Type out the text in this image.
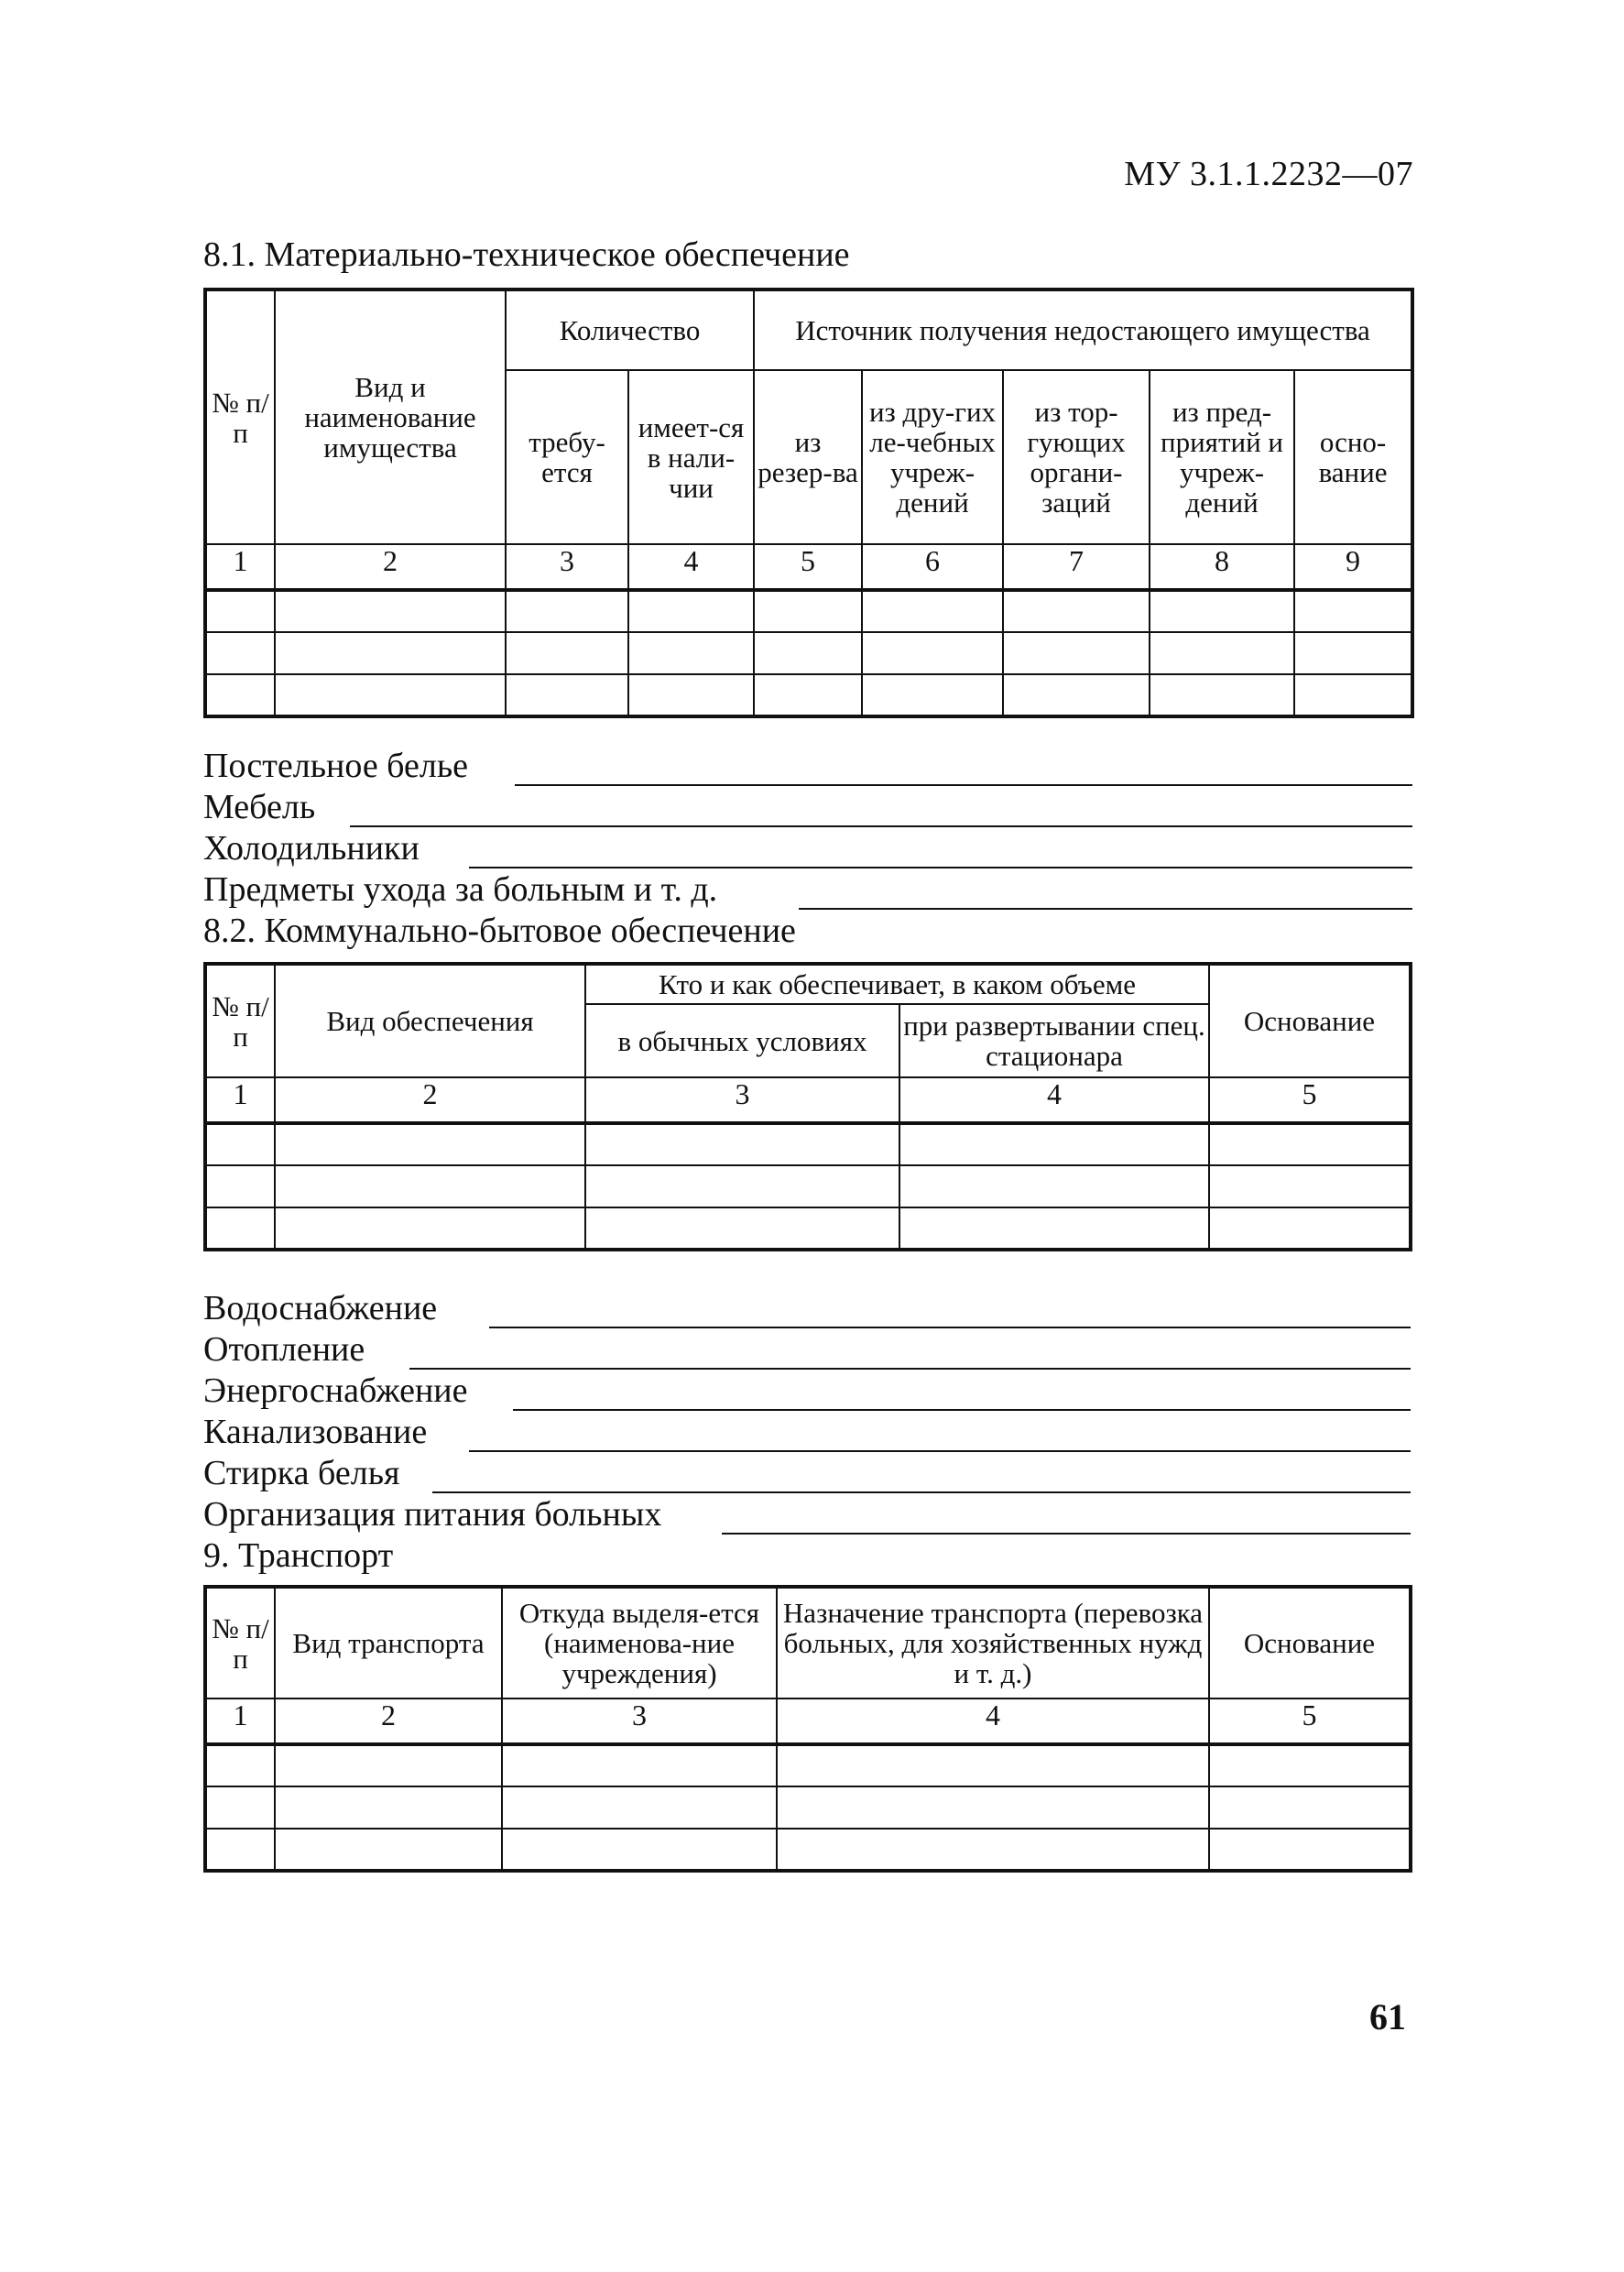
МУ 3.1.1.2232—07
8.1. Материально-техническое обеспечение
№ п/п	Вид и наименование имущества	Количество		Источник получения недостающего имущества				
		требу-ется	имеет-ся в нали-чии	из резер-ва	из дру-гих ле-чебных учреж-дений	из тор-гующих органи-заций	из пред-приятий и учреж-дений	осно-вание
1	2	3	4	5	6	7	8	9

Постельное белье
Мебель
Холодильники
Предметы ухода за больным и т. д.
8.2. Коммунально-бытовое обеспечение
№ п/п	Вид обеспечения	Кто и как обеспечивает, в каком объеме		Основание
		в обычных условиях	при развертывании спец. стационара	
1	2	3	4	5

Водоснабжение
Отопление
Энергоснабжение
Канализование
Стирка белья
Организация питания больных
9. Транспорт
№ п/п	Вид транспорта	Откуда выделя-ется (наименова-ние учреждения)	Назначение транспорта (перевозка больных, для хозяйственных нужд и т. д.)	Основание
1	2	3	4	5

61
